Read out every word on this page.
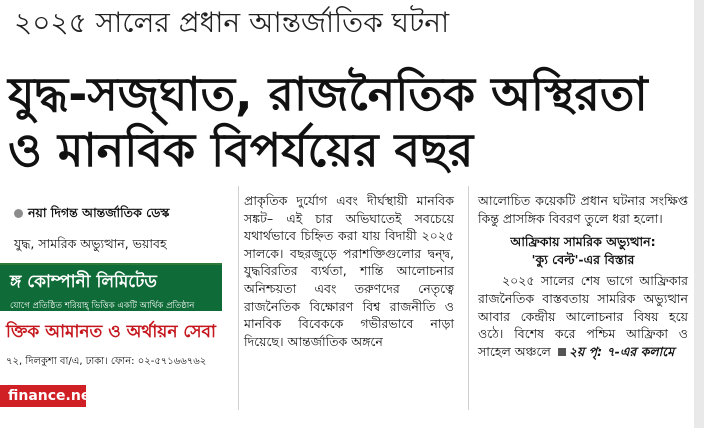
২০২৫ সালের প্রধান আন্তর্জাতিক ঘটনা
যুদ্ধ-সজ্ঘাত, রাজনৈতিক অস্থিরতা
ও মানবিক বিপর্যয়ের বছর
নয়া দিগন্ত আন্তর্জাতিক ডেস্ক
যুদ্ধ, সামরিক অভ্যুত্থান, ভয়াবহ
ঙ্গ কোম্পানী লিমিটেড
যোগে প্রতিষ্ঠিত শরিয়াহ্ ভিত্তিক একটি আর্থিক প্রতিষ্ঠান
ক্তিক আমানত ও অর্থায়ন সেবা
৭২, দিলকুশা বা/এ, ঢাকা। ফোন: ০২-৫৭১৬৬৭৬২
finance.net

প্রাকৃতিক দুর্যোগ এবং দীর্ঘস্থায়ী মানবিক সঙ্কট– এই চার অভিঘাতেই সবচেয়ে যথার্থভাবে চিহ্নিত করা যায় বিদায়ী ২০২৫ সালকে। বছরজুড়ে পরাশক্তিগুলোর দ্বন্দ্ব, যুদ্ধবিরতির ব্যর্থতা, শান্তি আলোচনার অনিশ্চয়তা এবং তরুণদের নেতৃত্বে রাজনৈতিক বিক্ষোরণ বিশ্ব রাজনীতি ও মানবিক বিবেককে গভীরভাবে নাড়া দিয়েছে। আন্তর্জাতিক অঙ্গনে

আলোচিত কয়েকটি প্রধান ঘটনার সংক্ষিপ্ত কিন্তু প্রাসঙ্গিক বিবরণ তুলে ধরা হলো।

আফ্রিকায় সামরিক অভ্যুত্থান:
'ক্যু বেল্ট'-এর বিস্তার

২০২৫ সালের শেষ ভাগে আফ্রিকার রাজনৈতিক বাস্তবতায় সামরিক অভ্যুত্থান আবার কেন্দ্রীয় আলোচনার বিষয় হয়ে ওঠে। বিশেষ করে পশ্চিম আফ্রিকা ও সাহেল অঞ্চলে ২য় পৃ: ৭-এর কলামে
